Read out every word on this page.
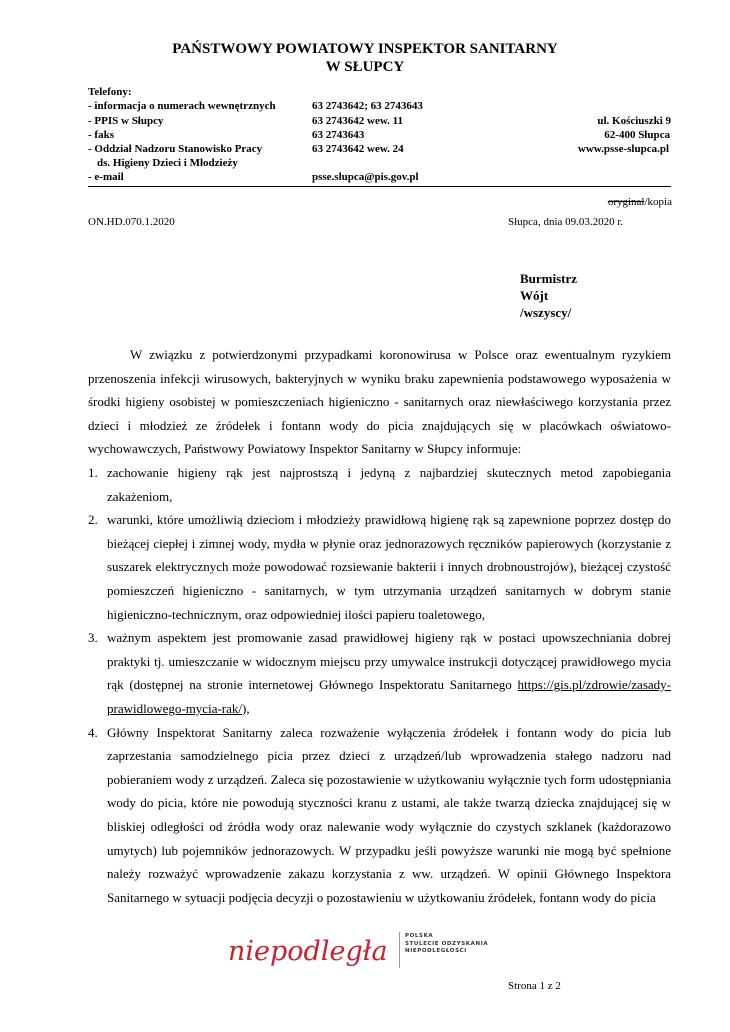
PAŃSTWOWY POWIATOWY INSPEKTOR SANITARNY
W SŁUPCY
Telefony:
- informacja o numerach wewnętrznych
- PPIS w Słupcy
- faks
- Oddział Nadzoru Stanowisko Pracy
ds. Higieny Dzieci i Młodzieży
- e-mail
63 2743642; 63 2743643
63 2743642 wew. 11
63 2743643
63 2743642 wew. 24
psse.slupca@pis.gov.pl
ul. Kościuszki 9
62-400 Słupca
www.psse-slupca.pl
oryginał/kopia
ON.HD.070.1.2020	Słupca, dnia 09.03.2020 r.
Burmistrz
Wójt
/wszyscy/
W związku z potwierdzonymi przypadkami koronowirusa w Polsce oraz ewentualnym ryzykiem przenoszenia infekcji wirusowych, bakteryjnych w wyniku braku zapewnienia podstawowego wyposażenia w środki higieny osobistej w pomieszczeniach higieniczno - sanitarnych oraz niewłaściwego korzystania przez dzieci i młodzież ze źródełek i fontann wody do picia znajdujących się w placówkach oświatowo-wychowawczych, Państwowy Powiatowy Inspektor Sanitarny w Słupcy informuje:
1. zachowanie higieny rąk jest najprostszą i jedyną z najbardziej skutecznych metod zapobiegania zakażeniom,
2. warunki, które umożliwią dzieciom i młodzieży prawidłową higienę rąk są zapewnione poprzez dostęp do bieżącej ciepłej i zimnej wody, mydła w płynie oraz jednorazowych ręczników papierowych (korzystanie z suszarek elektrycznych może powodować rozsiewanie bakterii i innych drobnoustrojów), bieżącej czystość pomieszczeń higieniczno - sanitarnych, w tym utrzymania urządzeń sanitarnych w dobrym stanie higieniczno-technicznym, oraz odpowiedniej ilości papieru toaletowego,
3. ważnym aspektem jest promowanie zasad prawidłowej higieny rąk w postaci upowszechniania dobrej praktyki tj. umieszczanie w widocznym miejscu przy umywalce instrukcji dotyczącej prawidłowego mycia rąk (dostępnej na stronie internetowej Głównego Inspektoratu Sanitarnego https://gis.pl/zdrowie/zasady-prawidlowego-mycia-rak/),
4. Główny Inspektorat Sanitarny zaleca rozważenie wyłączenia źródełek i fontann wody do picia lub zaprzestania samodzielnego picia przez dzieci z urządzeń/lub wprowadzenia stałego nadzoru nad pobieraniem wody z urządzeń. Zaleca się pozostawienie w użytkowaniu wyłącznie tych form udostępniania wody do picia, które nie powodują styczności kranu z ustami, ale także twarzą dziecka znajdującej się w bliskiej odległości od źródła wody oraz nalewanie wody wyłącznie do czystych szklanek (każdorazowo umytych) lub pojemników jednorazowych. W przypadku jeśli powyższe warunki nie mogą być spełnione należy rozważyć wprowadzenie zakazu korzystania z ww. urządzeń. W opinii Głównego Inspektora Sanitarnego w sytuacji podjęcia decyzji o pozostawieniu w użytkowaniu źródełek, fontann wody do picia
niepodległa	POLSKA
STULECIE ODZYSKANIA
NIEPODLEGŁOŚCI
Strona 1 z 2
